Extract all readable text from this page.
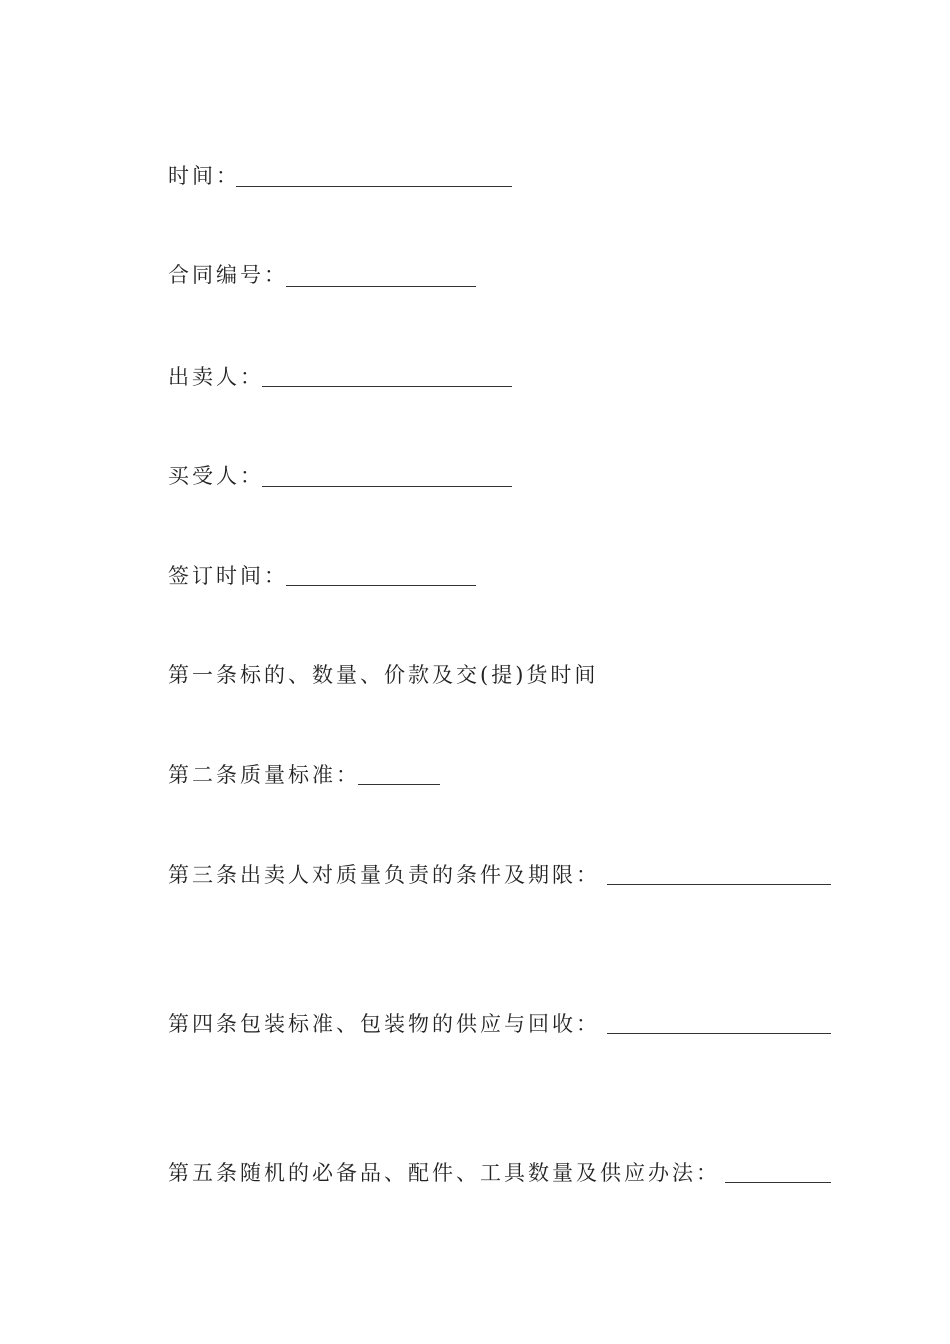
时间：

合同编号：

出卖人：

买受人：

签订时间：

第一条标的、数量、价款及交(提)货时间

第二条质量标准：

第三条出卖人对质量负责的条件及期限：

第四条包装标准、包装物的供应与回收：

第五条随机的必备品、配件、工具数量及供应办法：
